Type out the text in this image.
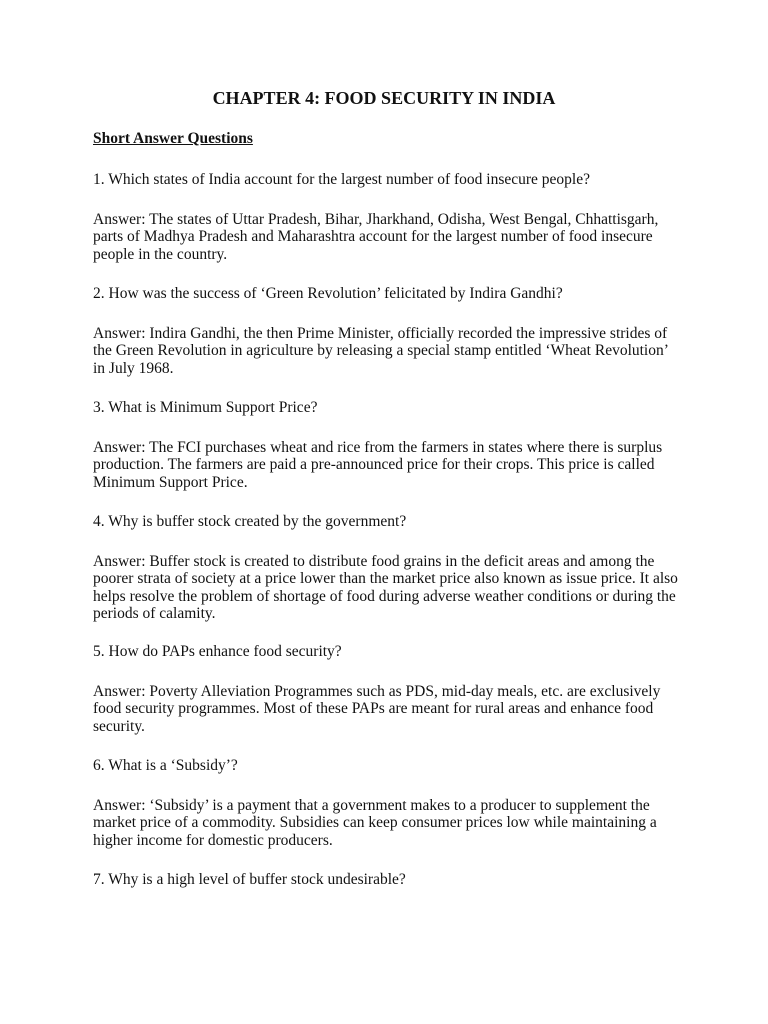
CHAPTER 4: FOOD SECURITY IN INDIA
Short Answer Questions

1. Which states of India account for the largest number of food insecure people?

Answer: The states of Uttar Pradesh, Bihar, Jharkhand, Odisha, West Bengal, Chhattisgarh, parts of Madhya Pradesh and Maharashtra account for the largest number of food insecure people in the country.

2. How was the success of ‘Green Revolution’ felicitated by Indira Gandhi?

Answer: Indira Gandhi, the then Prime Minister, officially recorded the impressive strides of the Green Revolution in agriculture by releasing a special stamp entitled ‘Wheat Revolution’ in July 1968.

3. What is Minimum Support Price?

Answer: The FCI purchases wheat and rice from the farmers in states where there is surplus production. The farmers are paid a pre-announced price for their crops. This price is called Minimum Support Price.

4. Why is buffer stock created by the government?

Answer: Buffer stock is created to distribute food grains in the deficit areas and among the poorer strata of society at a price lower than the market price also known as issue price. It also helps resolve the problem of shortage of food during adverse weather conditions or during the periods of calamity.

5. How do PAPs enhance food security?

Answer: Poverty Alleviation Programmes such as PDS, mid-day meals, etc. are exclusively food security programmes. Most of these PAPs are meant for rural areas and enhance food security.

6. What is a ‘Subsidy’?

Answer: ‘Subsidy’ is a payment that a government makes to a producer to supplement the market price of a commodity. Subsidies can keep consumer prices low while maintaining a higher income for domestic producers.

7. Why is a high level of buffer stock undesirable?
